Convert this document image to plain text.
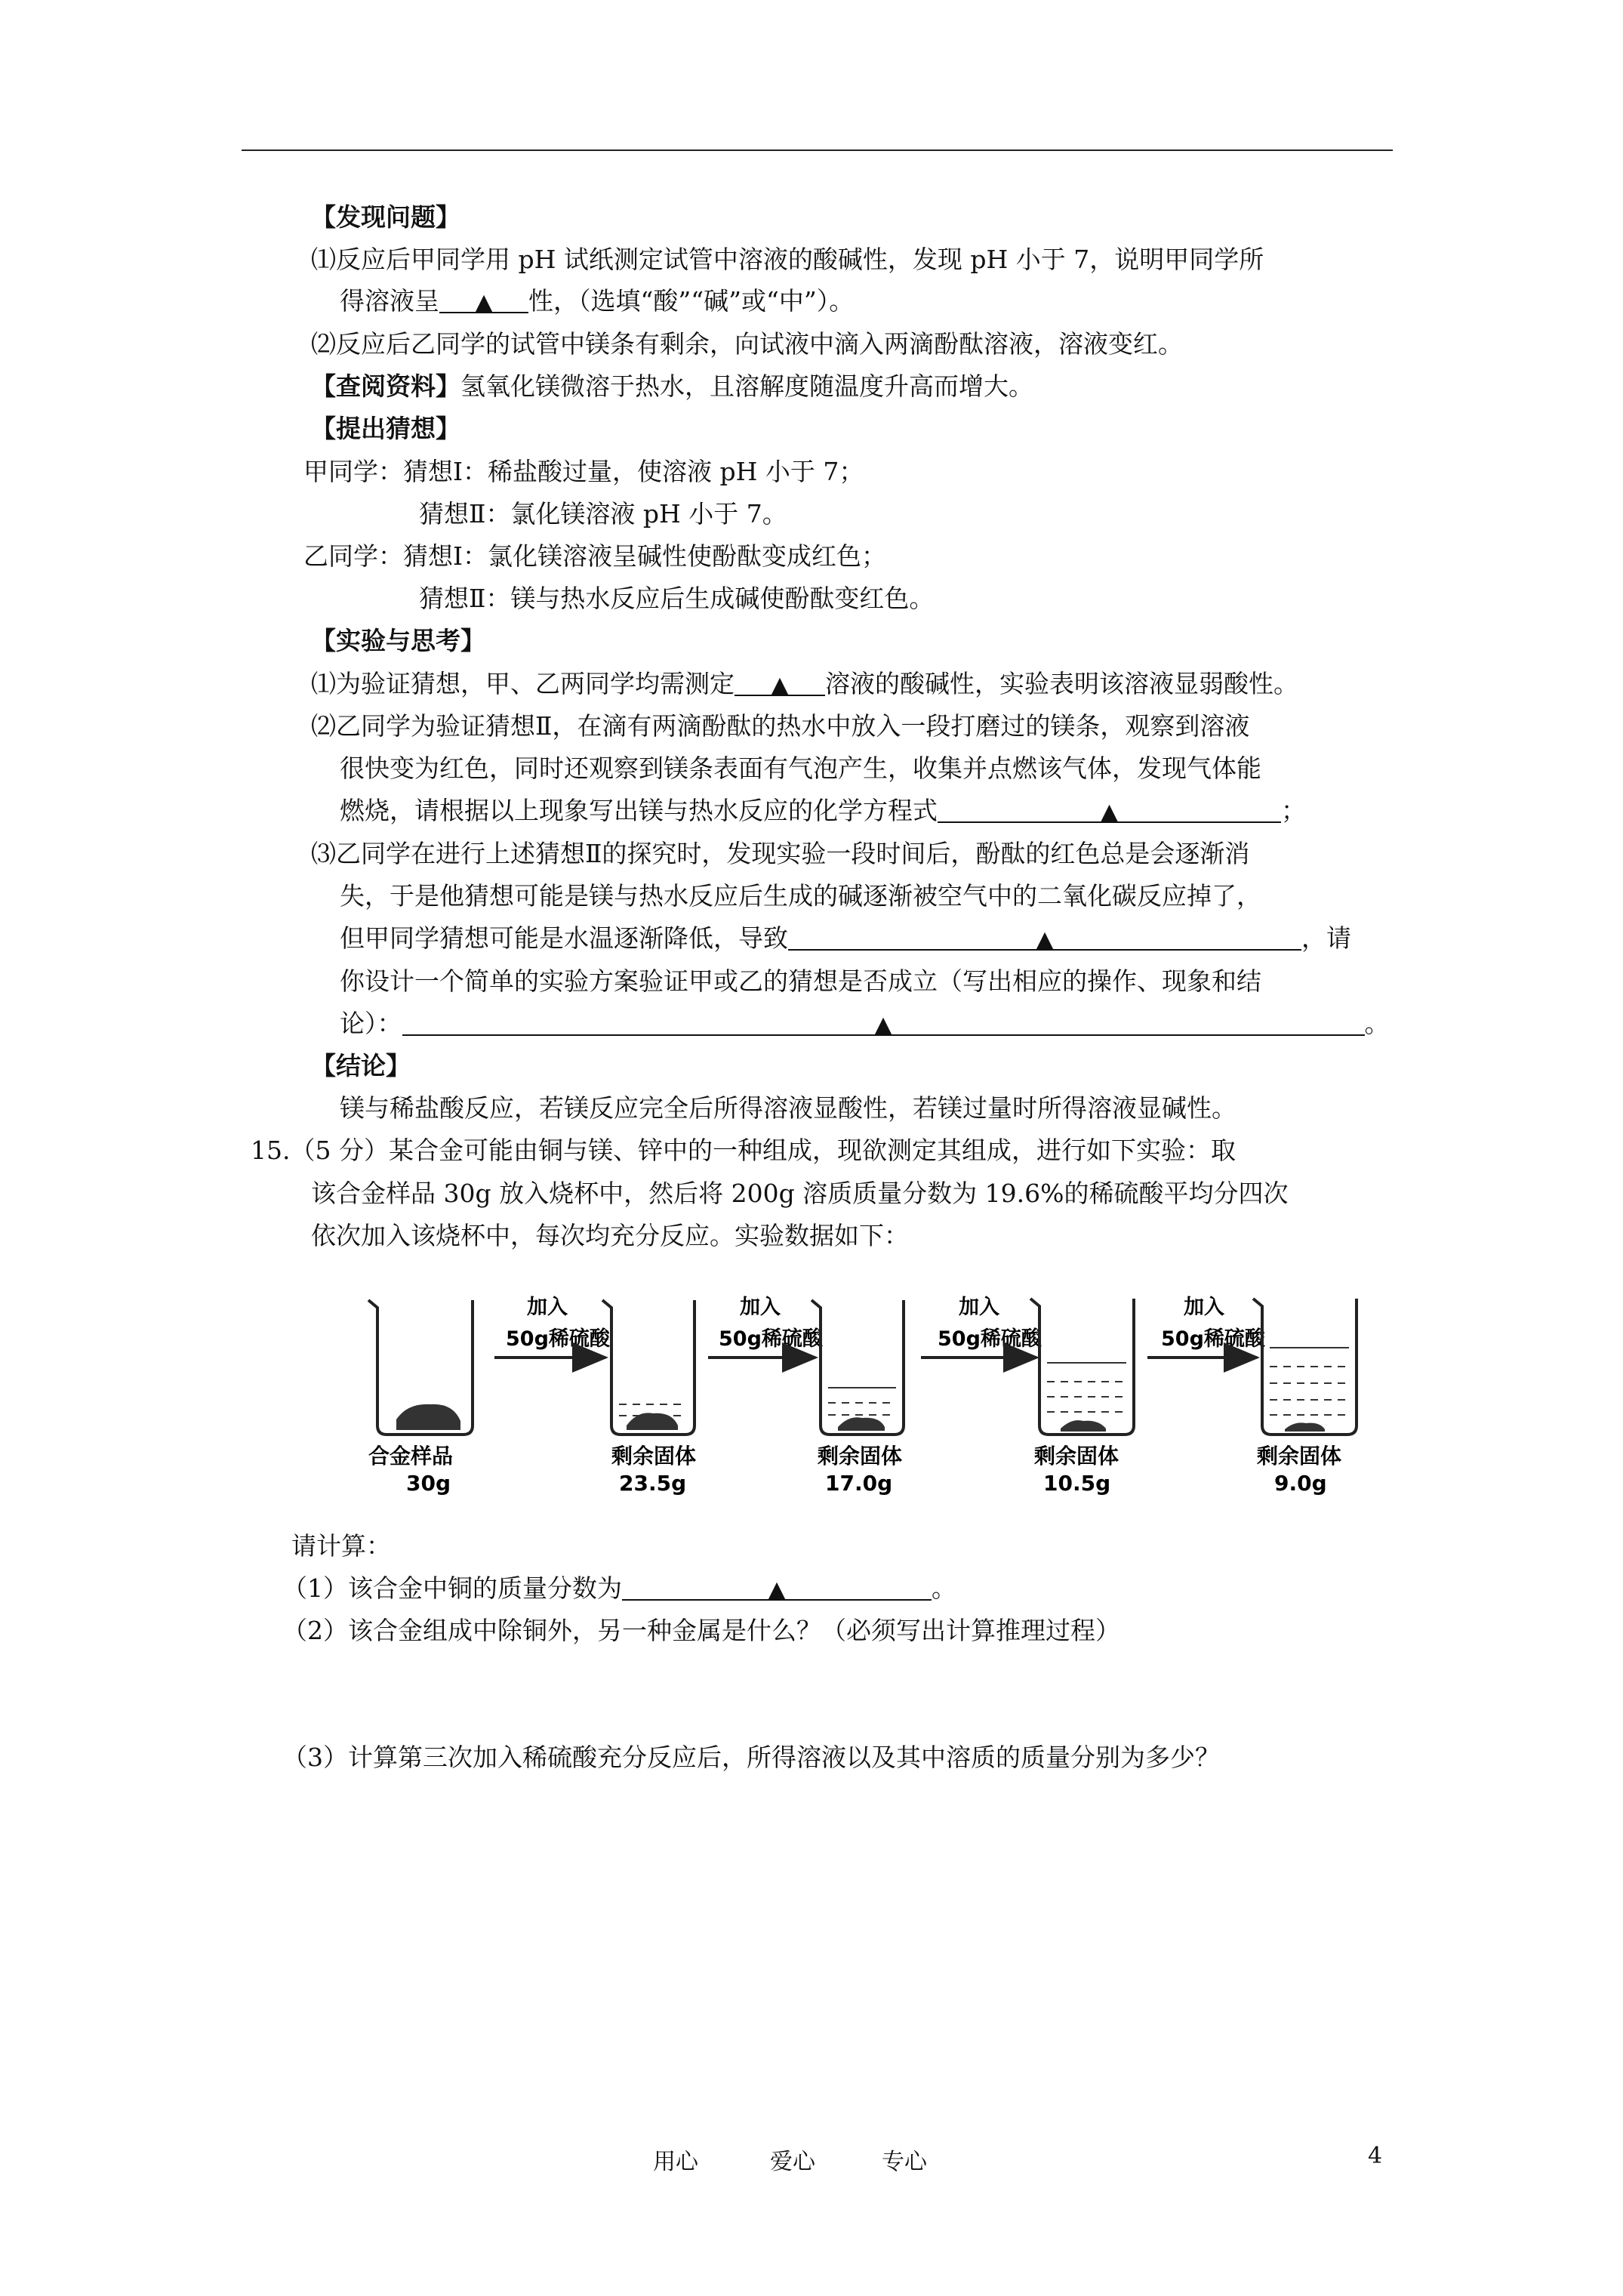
【发现问题】
⑴反应后甲同学用 pH 试纸测定试管中溶液的酸碱性，发现 pH 小于 7，说明甲同学所
得溶液呈 ▲ 性，（选填“酸”“碱”或“中”）。
⑵反应后乙同学的试管中镁条有剩余，向试液中滴入两滴酚酞溶液，溶液变红。
【查阅资料】氢氧化镁微溶于热水，且溶解度随温度升高而增大。
【提出猜想】
甲同学：猜想Ⅰ：稀盐酸过量，使溶液 pH 小于 7；
猜想Ⅱ：氯化镁溶液 pH 小于 7。
乙同学：猜想Ⅰ：氯化镁溶液呈碱性使酚酞变成红色；
猜想Ⅱ：镁与热水反应后生成碱使酚酞变红色。
【实验与思考】
⑴为验证猜想，甲、乙两同学均需测定 ▲ 溶液的酸碱性，实验表明该溶液显弱酸性。
⑵乙同学为验证猜想Ⅱ，在滴有两滴酚酞的热水中放入一段打磨过的镁条，观察到溶液
很快变为红色，同时还观察到镁条表面有气泡产生，收集并点燃该气体，发现气体能
燃烧，请根据以上现象写出镁与热水反应的化学方程式	▲	；
⑶乙同学在进行上述猜想Ⅱ的探究时，发现实验一段时间后，酚酞的红色总是会逐渐消
失，于是他猜想可能是镁与热水反应后生成的碱逐渐被空气中的二氧化碳反应掉了，
但甲同学猜想可能是水温逐渐降低，导致	▲	，请
你设计一个简单的实验方案验证甲或乙的猜想是否成立（写出相应的操作、现象和结
论）：	▲	。
【结论】
镁与稀盐酸反应，若镁反应完全后所得溶液显酸性，若镁过量时所得溶液显碱性。
15.（5 分）某合金可能由铜与镁、锌中的一种组成，现欲测定其组成，进行如下实验：取
该合金样品 30g 放入烧杯中，然后将 200g 溶质质量分数为 19.6%的稀硫酸平均分四次
依次加入该烧杯中，每次均充分反应。实验数据如下：
合金样品
30g
加入
50g稀硫酸
剩余固体
23.5g
加入
50g稀硫酸
剩余固体
17.0g
加入
50g稀硫酸
剩余固体
10.5g
加入
50g稀硫酸
剩余固体
9.0g
请计算：
（1）该合金中铜的质量分数为	▲	。
（2）该合金组成中除铜外，另一种金属是什么？（必须写出计算推理过程）
（3）计算第三次加入稀硫酸充分反应后，所得溶液以及其中溶质的质量分别为多少？
用心	爱心	专心	4
